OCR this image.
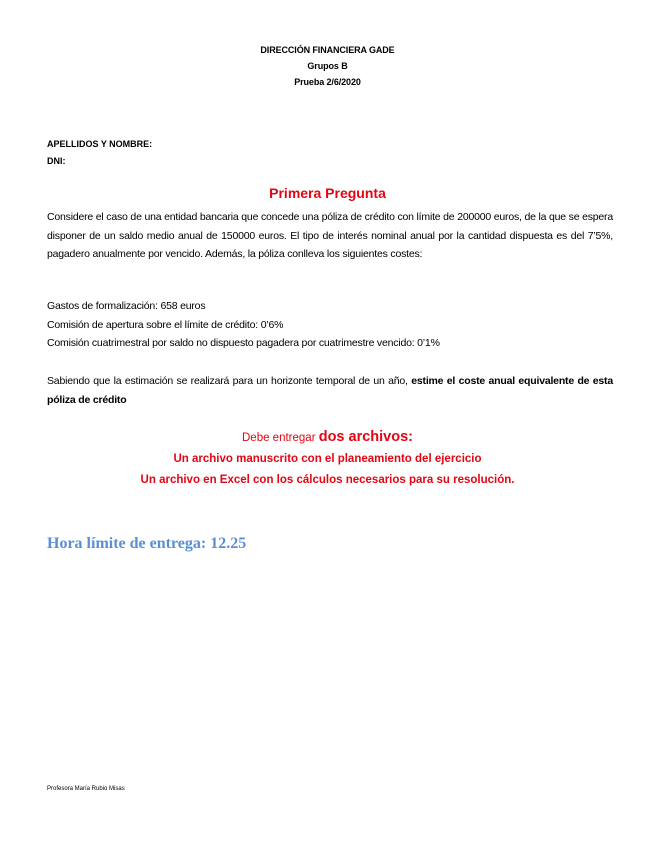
DIRECCIÓN FINANCIERA GADE
Grupos B
Prueba 2/6/2020
APELLIDOS Y NOMBRE:
DNI:
Primera Pregunta
Considere el caso de una entidad bancaria que concede una póliza de crédito con límite de 200000 euros, de la que se espera disponer de un saldo medio anual de 150000 euros. El tipo de interés nominal anual por la cantidad dispuesta es del 7’5%, pagadero anualmente por vencido. Además, la póliza conlleva los siguientes costes:
Gastos de formalización: 658 euros
Comisión de apertura sobre el límite de crédito: 0’6%
Comisión cuatrimestral por saldo no dispuesto pagadera por cuatrimestre vencido: 0’1%
Sabiendo que la estimación se realizará para un horizonte temporal de un año, estime el coste anual equivalente de esta póliza de crédito
Debe entregar dos archivos:
Un archivo manuscrito con el planeamiento del ejercicio
Un archivo en Excel con los cálculos necesarios para su resolución.
Hora límite de entrega: 12.25
Profesora María Rubio Misas
